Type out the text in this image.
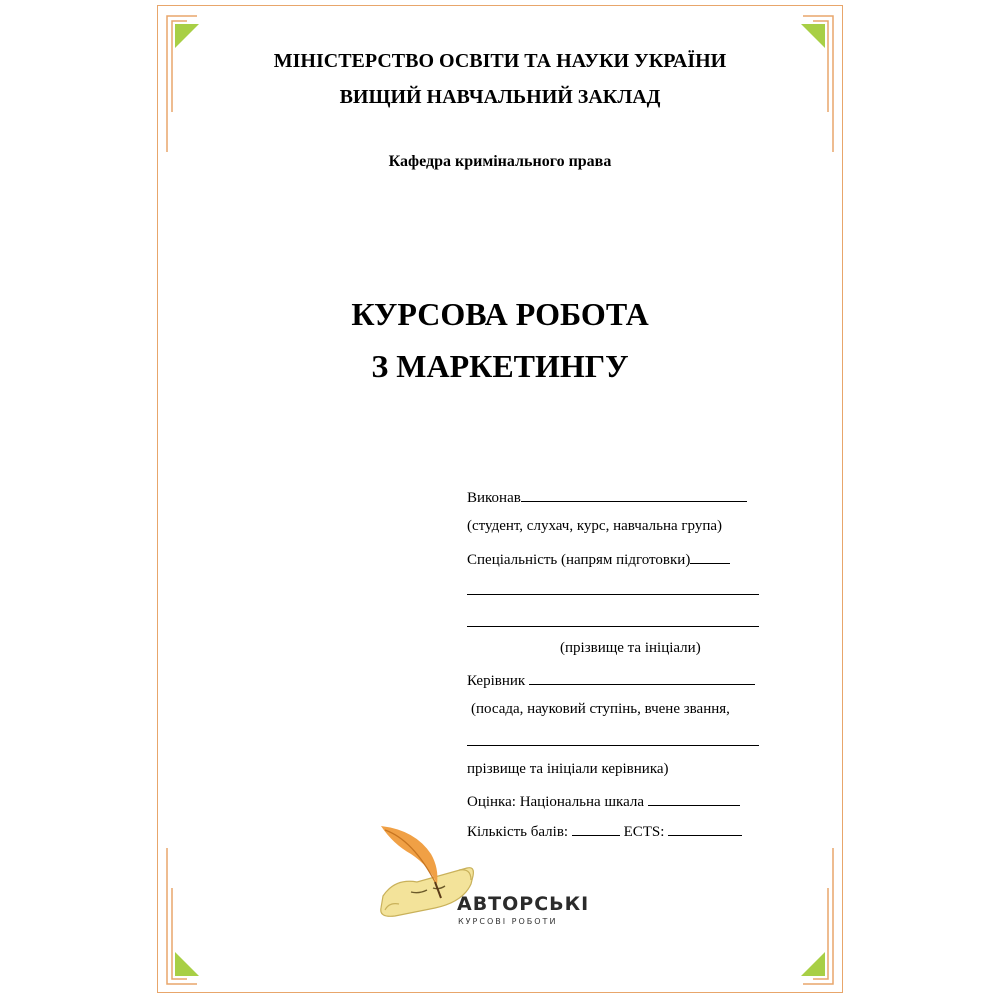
МІНІСТЕРСТВО ОСВІТИ ТА НАУКИ УКРАЇНИ
ВИЩИЙ НАВЧАЛЬНИЙ ЗАКЛАД
Кафедра кримінального права
КУРСОВА РОБОТА
З МАРКЕТИНГУ
Виконав
(студент, слухач, курс, навчальна група)
Спеціальність (напрям підготовки)
(прізвище та ініціали)
Керівник
(посада, науковий ступінь, вчене звання,
прізвище та ініціали керівника)
Оцінка: Національна шкала
Кількість балів:	ECTS:
АВТОРСЬКІ
КУРСОВІ РОБОТИ
